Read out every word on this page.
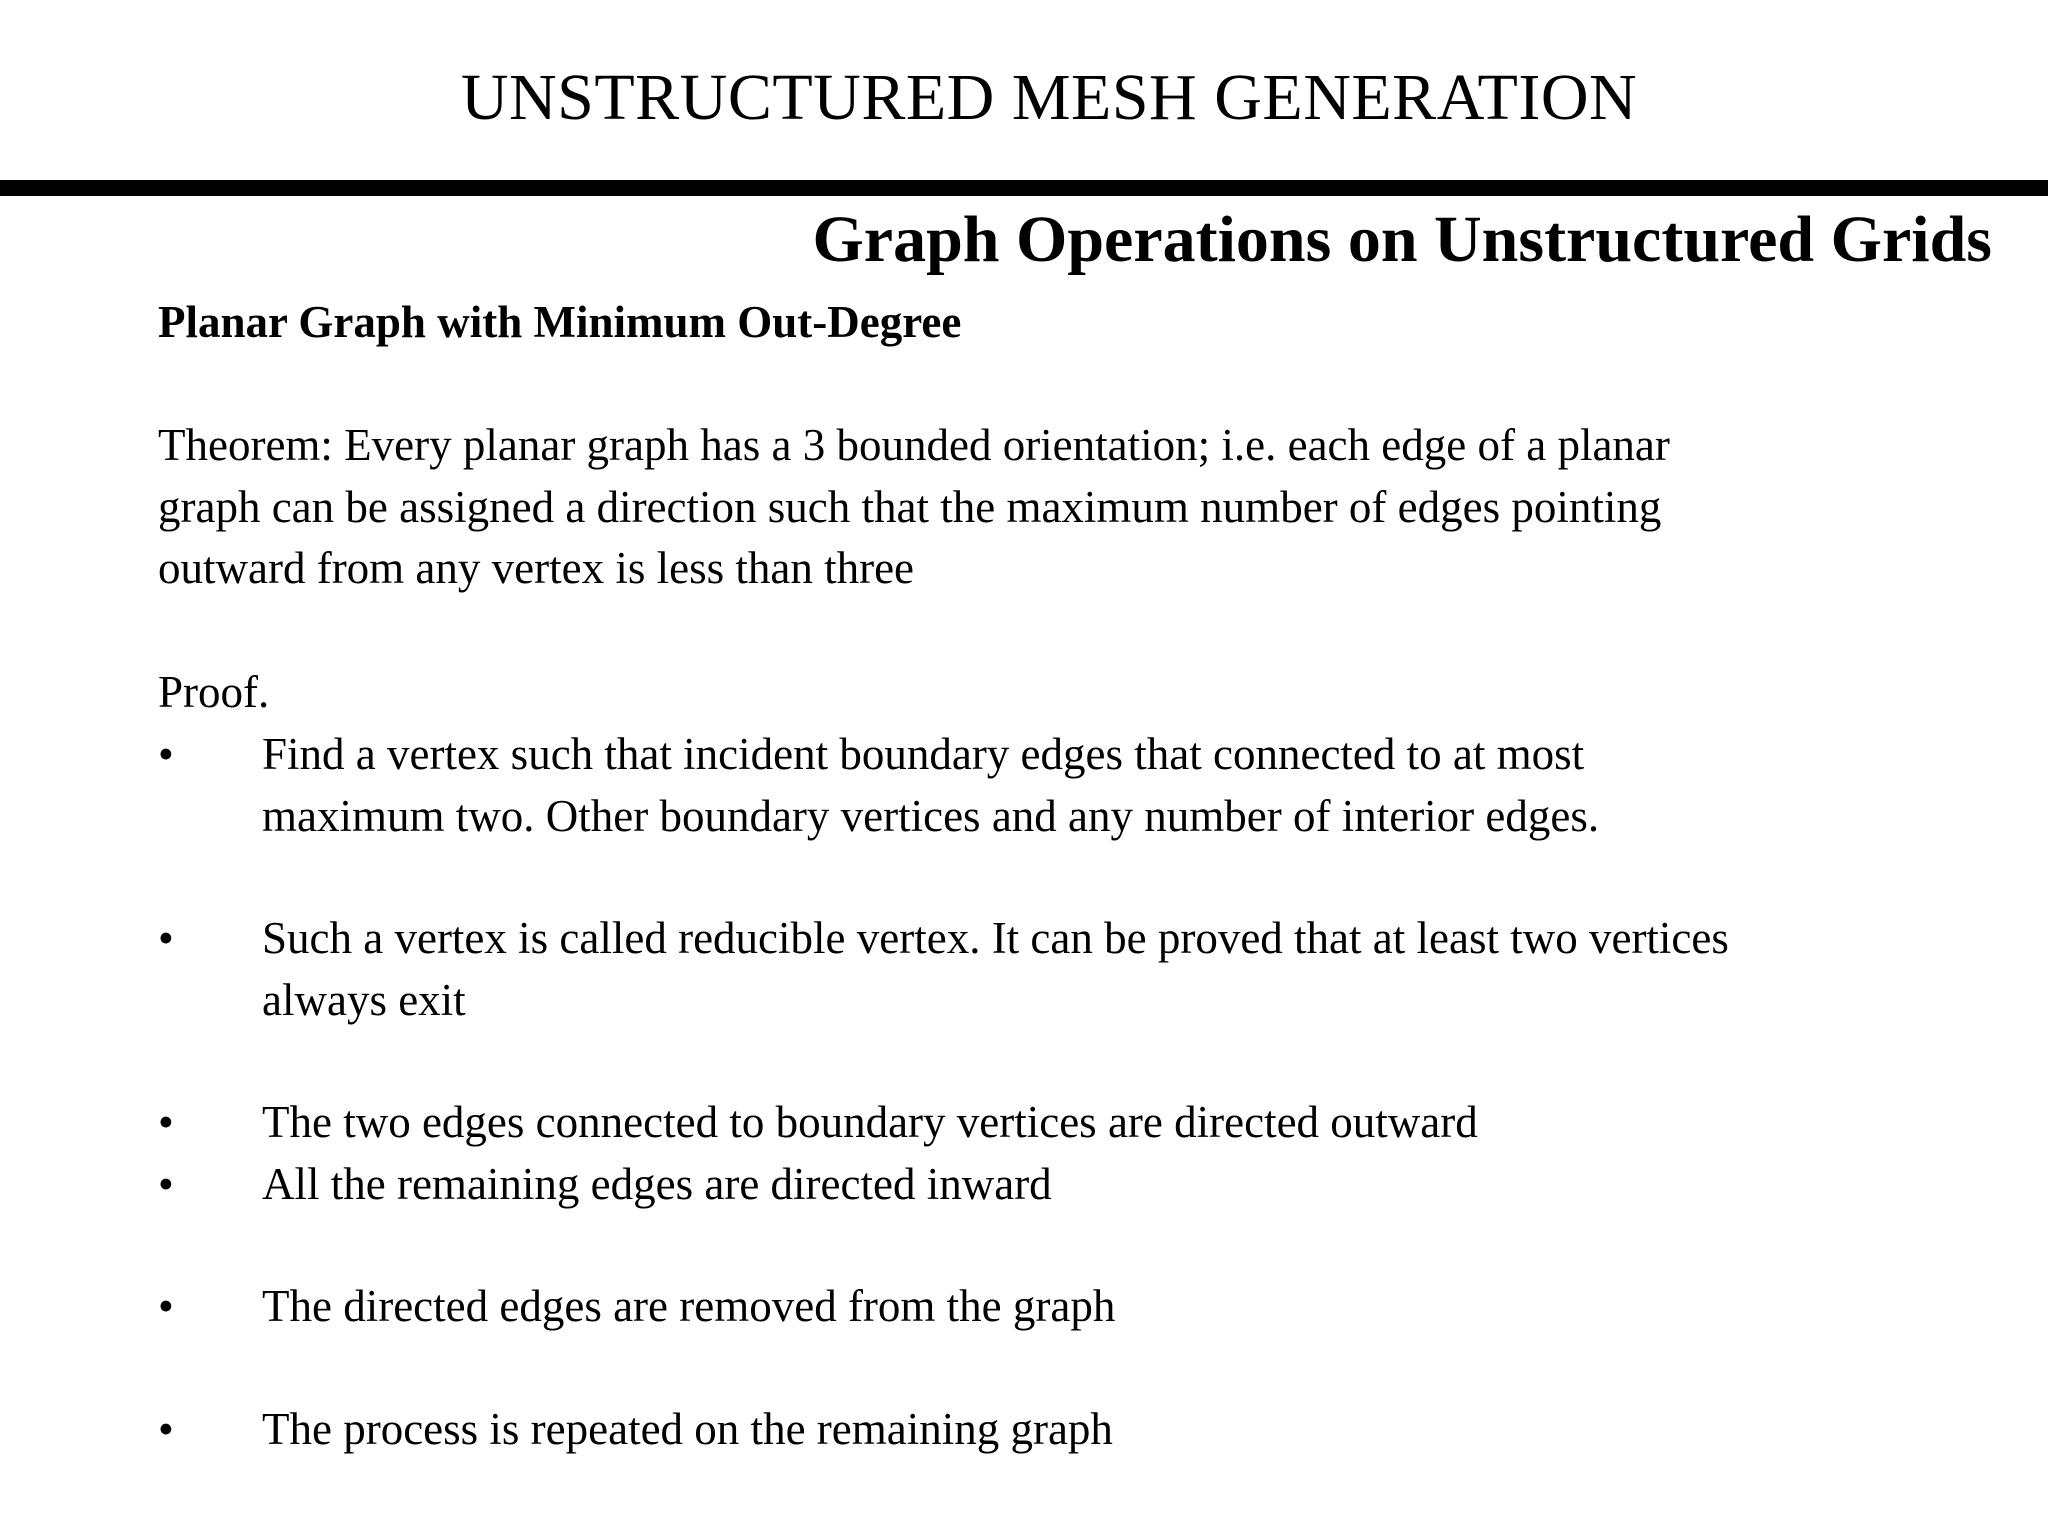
UNSTRUCTURED MESH GENERATION
Graph Operations on Unstructured Grids
Planar Graph with Minimum Out-Degree

Theorem: Every planar graph has a 3 bounded orientation; i.e. each edge of a planar
graph can be assigned a direction such that the maximum number of edges pointing
outward from any vertex is less than three

Proof.

•	Find a vertex such that incident boundary edges that connected to at most
maximum two. Other boundary vertices and any number of interior edges.
•	Such a vertex is called reducible vertex. It can be proved that at least two vertices
always exit
•	The two edges connected to boundary vertices are directed outward
•	All the remaining edges are directed inward
•	The directed edges are removed from the graph
•	The process is repeated on the remaining graph
